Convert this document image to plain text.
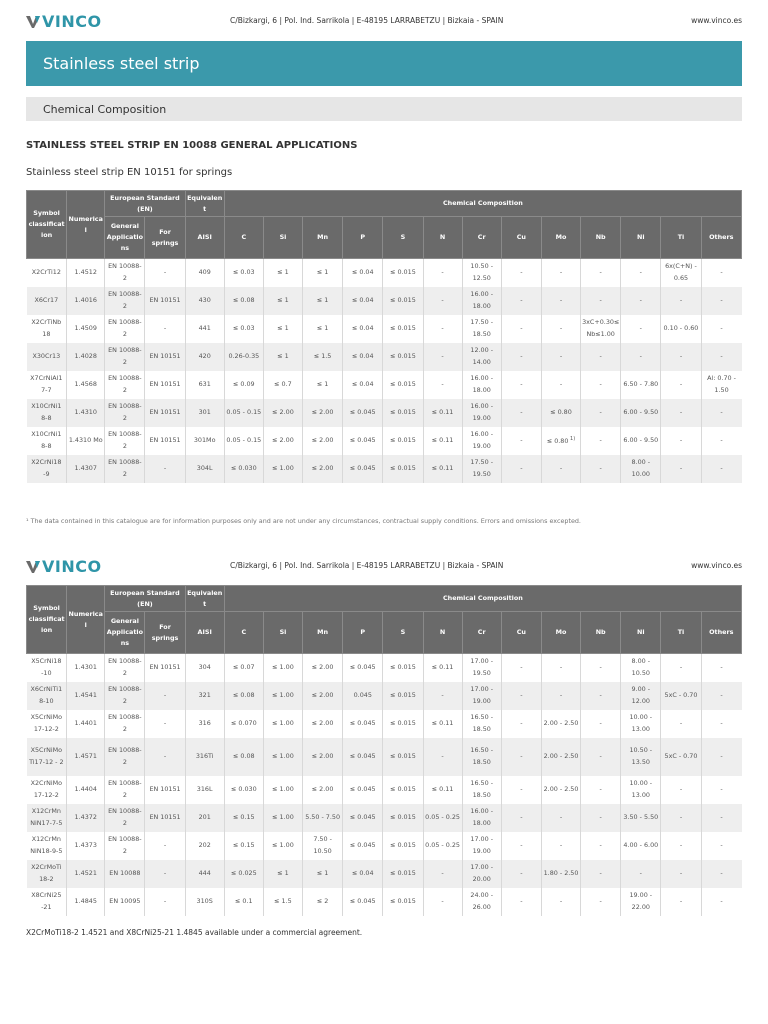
VINCO	C/Bizkargi, 6 | Pol. Ind. Sarrikola | E-48195 LARRABETZU | Bizkaia - SPAIN	www.vinco.es
Stainless steel strip
Chemical Composition
STAINLESS STEEL STRIP EN 10088 GENERAL APPLICATIONS
Stainless steel strip EN 10151 for springs
Symbol classificat ion	Numerica l	European Standard (EN)		Equivalen t	Chemical Composition												
		General Applicatio ns	For springs	AISI	C	Si	Mn	P	S	N	Cr	Cu	Mo	Nb	Ni	Ti	Others
X2CrTi12	1.4512	EN 10088-2	-	409	≤ 0.03	≤ 1	≤ 1	≤ 0.04	≤ 0.015	-	10.50 - 12.50	-	-	-	-	6x(C+N) - 0.65	-
X6Cr17	1.4016	EN 10088-2	EN 10151	430	≤ 0.08	≤ 1	≤ 1	≤ 0.04	≤ 0.015	-	16.00 - 18.00	-	-	-	-	-	-
X2CrTiNb 18	1.4509	EN 10088-2	-	441	≤ 0.03	≤ 1	≤ 1	≤ 0.04	≤ 0.015	-	17.50 - 18.50	-	-	3xC+0.30≤ Nb≤1.00	-	0.10 - 0.60	-
X30Cr13	1.4028	EN 10088-2	EN 10151	420	0.26-0.35	≤ 1	≤ 1.5	≤ 0.04	≤ 0.015	-	12.00 - 14.00	-	-	-	-	-	-
X7CrNiAl1 7-7	1.4568	EN 10088-2	EN 10151	631	≤ 0.09	≤ 0.7	≤ 1	≤ 0.04	≤ 0.015	-	16.00 - 18.00	-	-	-	6.50 - 7.80	-	Al: 0.70 - 1.50
X10CrNi1 8-8	1.4310	EN 10088-2	EN 10151	301	0.05 - 0.15	≤ 2.00	≤ 2.00	≤ 0.045	≤ 0.015	≤ 0.11	16.00 - 19.00	-	≤ 0.80	-	6.00 - 9.50	-	-
X10CrNi1 8-8	1.4310 Mo	EN 10088-2	EN 10151	301Mo	0.05 - 0.15	≤ 2.00	≤ 2.00	≤ 0.045	≤ 0.015	≤ 0.11	16.00 - 19.00	-	≤ 0.80 $^{1)}$	-	6.00 - 9.50	-	-
X2CrNi18 -9	1.4307	EN 10088-2	-	304L	≤ 0.030	≤ 1.00	≤ 2.00	≤ 0.045	≤ 0.015	≤ 0.11	17.50 - 19.50	-	-	-	8.00 - 10.00	-	-
¹ The data contained in this catalogue are for information purposes only and are not under any circumstances, contractual supply conditions. Errors and omissions excepted.
VINCO	C/Bizkargi, 6 | Pol. Ind. Sarrikola | E-48195 LARRABETZU | Bizkaia - SPAIN	www.vinco.es
Symbol classificat ion	Numerica l	European Standard (EN)		Equivalen t	Chemical Composition												
		General Applicatio ns	For springs	AISI	C	Si	Mn	P	S	N	Cr	Cu	Mo	Nb	Ni	Ti	Others
X5CrNi18 -10	1.4301	EN 10088-2	EN 10151	304	≤ 0.07	≤ 1.00	≤ 2.00	≤ 0.045	≤ 0.015	≤ 0.11	17.00 - 19.50	-	-	-	8.00 - 10.50	-	-
X6CrNiTi1 8-10	1.4541	EN 10088-2	-	321	≤ 0.08	≤ 1.00	≤ 2.00	0.045	≤ 0.015	-	17.00 - 19.00	-	-	-	9.00 - 12.00	5xC - 0.70	-
X5CrNiMo 17-12-2	1.4401	EN 10088-2	-	316	≤ 0.070	≤ 1.00	≤ 2.00	≤ 0.045	≤ 0.015	≤ 0.11	16.50 - 18.50	-	2.00 - 2.50	-	10.00 - 13.00	-	-
X5CrNiMo Ti17-12 - 2	1.4571	EN 10088-2	-	316Ti	≤ 0.08	≤ 1.00	≤ 2.00	≤ 0.045	≤ 0.015	-	16.50 - 18.50	-	2.00 - 2.50	-	10.50 - 13.50	5xC - 0.70	-
X2CrNiMo 17-12-2	1.4404	EN 10088-2	EN 10151	316L	≤ 0.030	≤ 1.00	≤ 2.00	≤ 0.045	≤ 0.015	≤ 0.11	16.50 - 18.50	-	2.00 - 2.50	-	10.00 - 13.00	-	-
X12CrMn NiN17-7-5	1.4372	EN 10088-2	EN 10151	201	≤ 0.15	≤ 1.00	5.50 - 7.50	≤ 0.045	≤ 0.015	0.05 - 0.25	16.00 - 18.00	-	-	-	3.50 - 5.50	-	-
X12CrMn NiN18-9-5	1.4373	EN 10088-2	-	202	≤ 0.15	≤ 1.00	7.50 - 10.50	≤ 0.045	≤ 0.015	0.05 - 0.25	17.00 - 19.00	-	-	-	4.00 - 6.00	-	-
X2CrMoTi 18-2	1.4521	EN 10088	-	444	≤ 0.025	≤ 1	≤ 1	≤ 0.04	≤ 0.015	-	17.00 - 20.00	-	1.80 - 2.50	-	-	-	-
X8CrNi25 -21	1.4845	EN 10095	-	310S	≤ 0.1	≤ 1.5	≤ 2	≤ 0.045	≤ 0.015	-	24.00 - 26.00	-	-	-	19.00 - 22.00	-	-
X2CrMoTi18-2 1.4521 and X8CrNi25-21 1.4845 available under a commercial agreement.
